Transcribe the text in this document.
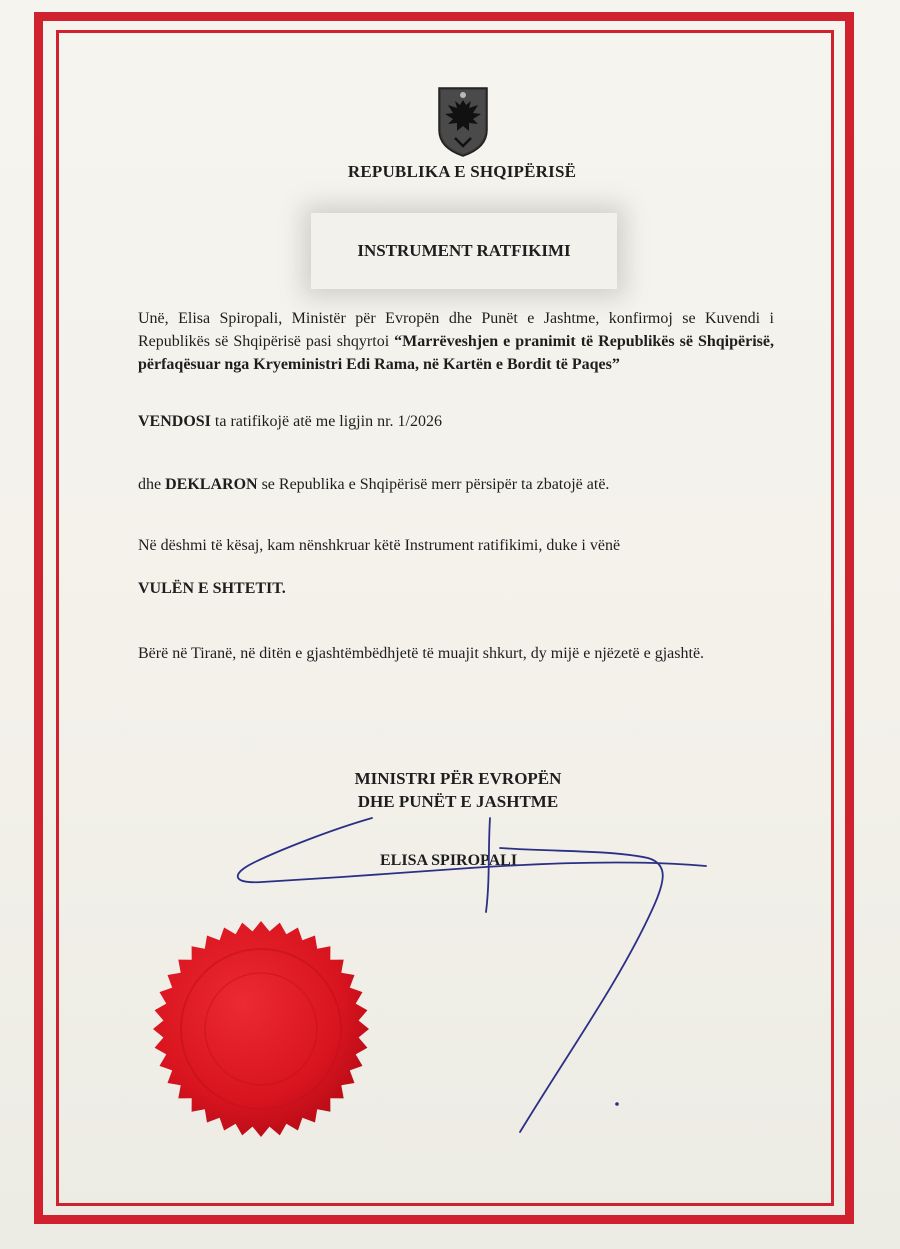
REPUBLIKA E SHQIPËRISË
INSTRUMENT RATFIKIMI
Unë, Elisa Spiropali, Ministër për Evropën dhe Punët e Jashtme, konfirmoj se Kuvendi i Republikës së Shqipërisë pasi shqyrtoi “Marrëveshjen e pranimit të Republikës së Shqipërisë, përfaqësuar nga Kryeministri Edi Rama, në Kartën e Bordit të Paqes”
VENDOSI ta ratifikojë atë me ligjin nr. 1/2026
dhe DEKLARON se Republika e Shqipërisë merr përsipër ta zbatojë atë.
Në dëshmi të kësaj, kam nënshkruar këtë Instrument ratifikimi, duke i vënë
VULËN E SHTETIT.
Bërë në Tiranë, në ditën e gjashtëmbëdhjetë të muajit shkurt, dy mijë e njëzetë e gjashtë.
MINISTRI PËR EVROPËN
DHE PUNËT E JASHTME
ELISA SPIROPALI
